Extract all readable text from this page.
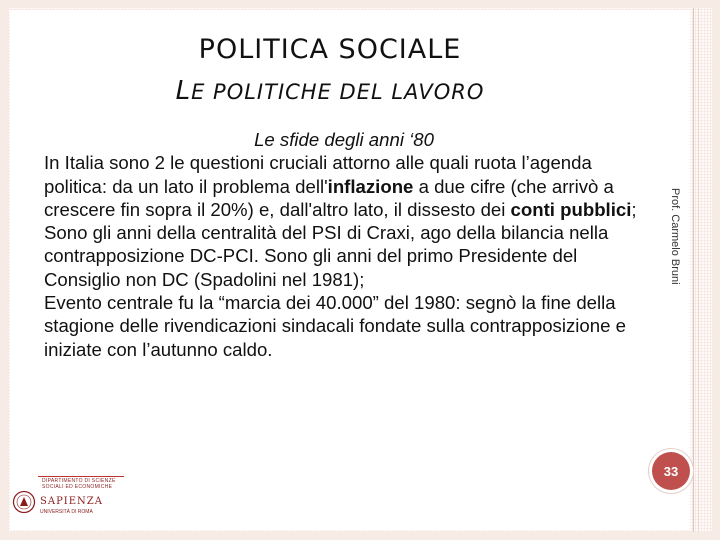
POLITICA SOCIALE
LE POLITICHE DEL LAVORO
Le sfide degli anni ‘80

In Italia sono 2 le questioni cruciali attorno alle quali ruota l’agenda politica: da un lato il problema dell'inflazione a due cifre (che arrivò a crescere fin sopra il 20%) e, dall'altro lato, il dissesto dei conti pubblici;

Sono gli anni della centralità del PSI di Craxi, ago della bilancia nella contrapposizione DC-PCI. Sono gli anni del primo Presidente del Consiglio non DC (Spadolini nel 1981);

Evento centrale fu la “marcia dei 40.000” del 1980: segnò la fine della stagione delle rivendicazioni sindacali fondate sulla contrapposizione e iniziate con l’autunno caldo.

Prof. Carmelo Bruni
33
DIPARTIMENTO DI SCIENZE SOCIALI ED ECONOMICHE
SAPIENZA
UNIVERSITÀ DI ROMA
